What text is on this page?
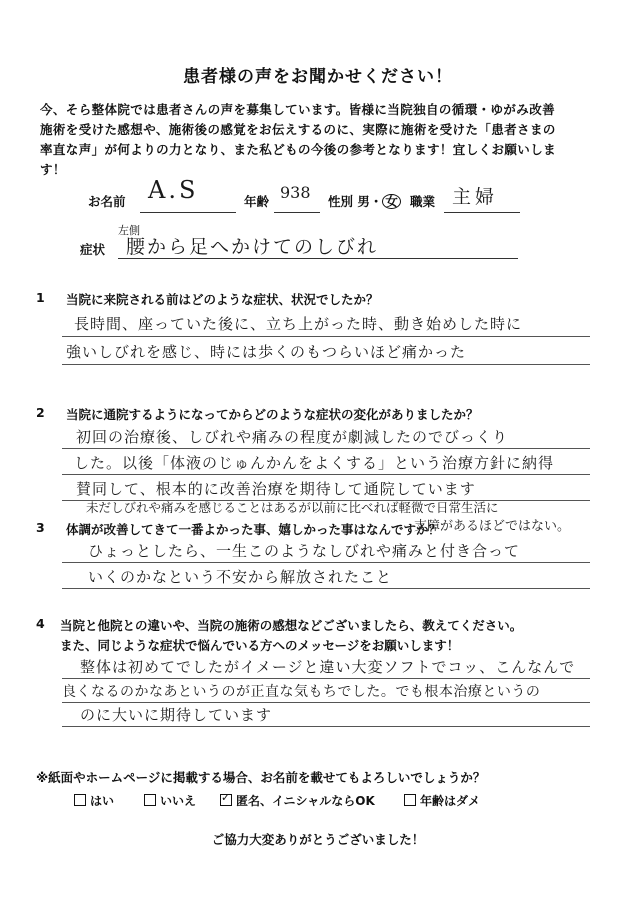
患者様の声をお聞かせください！
今、そら整体院では患者さんの声を募集しています。皆様に当院独自の循環・ゆがみ改善
施術を受けた感想や、施術後の感覚をお伝えするのに、実際に施術を受けた「患者さまの
率直な声」が何よりの力となり、また私どもの今後の参考となります！宜しくお願いしま
す！
お名前 A.S	年齢 938 性別 男・ 女 職業 主婦
左側
症状 腰から足へかけてのしびれ
1 当院に来院される前はどのような症状、状況でしたか？
長時間、座っていた後に、立ち上がった時、動き始めした時に
強いしびれを感じ、時には歩くのもつらいほど痛かった
2 当院に通院するようになってからどのような症状の変化がありましたか？
初回の治療後、しびれや痛みの程度が劇減したのでびっくり
した。以後「体液のじゅんかんをよくする」という治療方針に納得
賛同して、根本的に改善治療を期待して通院しています
未だしびれや痛みを感じることはあるが以前に比べれば軽微で日常生活に
3 体調が改善してきて一番よかった事、嬉しかった事はなんですか？
支障があるほどではない。
ひょっとしたら、一生このようなしびれや痛みと付き合って
いくのかなという不安から解放されたこと
4 当院と他院との違いや、当院の施術の感想などございましたら、教えてください。
また、同じような症状で悩んでいる方へのメッセージをお願いします！
整体は初めてでしたがイメージと違い大変ソフトでコッ、こんなんで
良くなるのかなあというのが正直な気もちでした。でも根本治療というの
のに大いに期待しています
※紙面やホームページに掲載する場合、お名前を載せてもよろしいでしょうか？
はい	いいえ
✓	匿名、イニシャルならOK	年齢はダメ
ご協力大変ありがとうございました！
